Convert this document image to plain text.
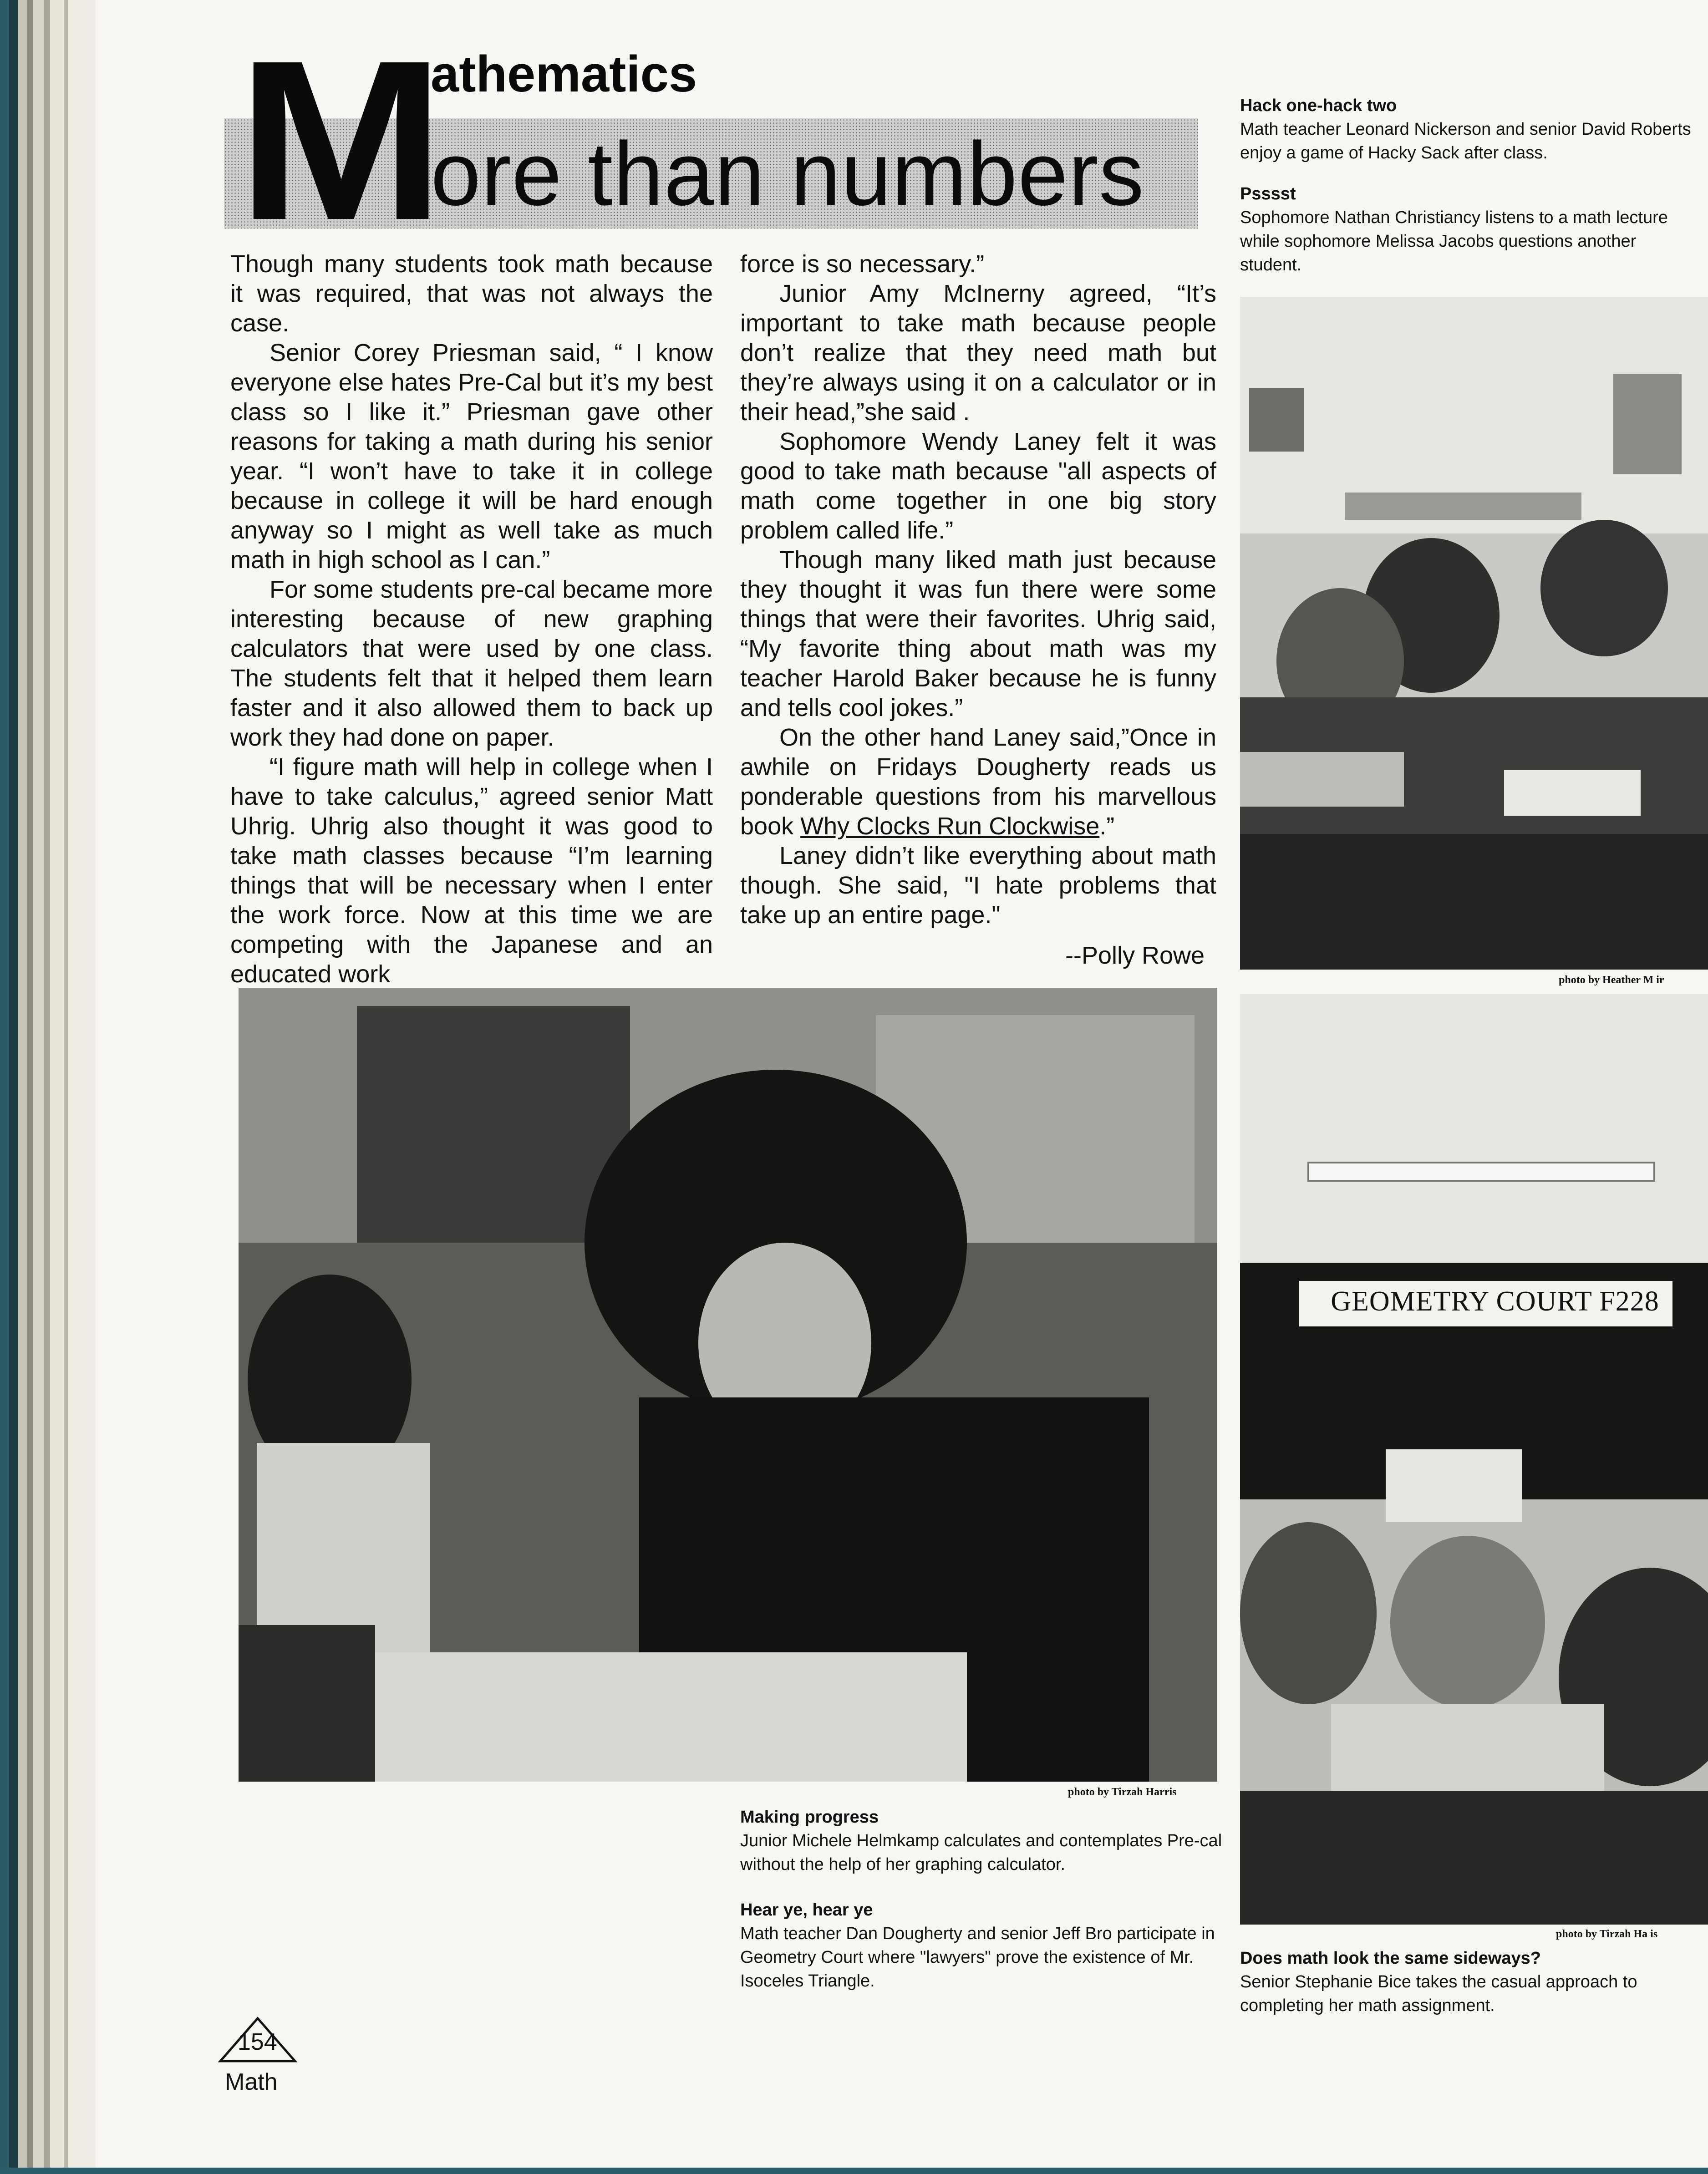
M
athematics
ore than numbers

Though many students took math because it was required, that was not always the case.

Senior Corey Priesman said, “ I know everyone else hates Pre-Cal but it’s my best class so I like it.” Priesman gave other reasons for taking a math during his senior year. “I won’t have to take it in college because in college it will be hard enough anyway so I might as well take as much math in high school as I can.”

For some students pre-cal became more interesting because of new graphing calculators that were used by one class. The students felt that it helped them learn faster and it also allowed them to back up work they had done on paper.

“I figure math will help in college when I have to take calculus,” agreed senior Matt Uhrig. Uhrig also thought it was good to take math classes because “I’m learning things that will be necessary when I enter the work force. Now at this time we are competing with the Japanese and an educated work

force is so necessary.”

Junior Amy McInerny agreed, “It’s important to take math because people don’t realize that they need math but they’re always using it on a calculator or in their head,”she said .

Sophomore Wendy Laney felt it was good to take math because "all aspects of math come together in one big story problem called life.”

Though many liked math just because they thought it was fun there were some things that were their favorites. Uhrig said, “My favorite thing about math was my teacher Harold Baker because he is funny and tells cool jokes.”

On the other hand Laney said,”Once in awhile on Fridays Dougherty reads us ponderable questions from his marvellous book Why Clocks Run Clockwise.”

Laney didn’t like everything about math though. She said, "I hate problems that take up an entire page."

--Polly Rowe
Hack one-hack two
Math teacher Leonard Nickerson and senior David Roberts enjoy a game of Hacky Sack after class.
Psssst
Sophomore Nathan Christiancy listens to a math lecture while sophomore Melissa Jacobs questions another student.
photo by Heather M ir
photo by Tirzah Harris
GEOMETRY COURT F228
photo by Tirzah Ha is
Making progress
Junior Michele Helmkamp calculates and contemplates Pre-cal without the help of her graphing calculator.
Hear ye, hear ye
Math teacher Dan Dougherty and senior Jeff Bro participate in Geometry Court where "lawyers" prove the existence of Mr. Isoceles Triangle.
Does math look the same sideways?
Senior Stephanie Bice takes the casual approach to completing her math assignment.
154
Math
